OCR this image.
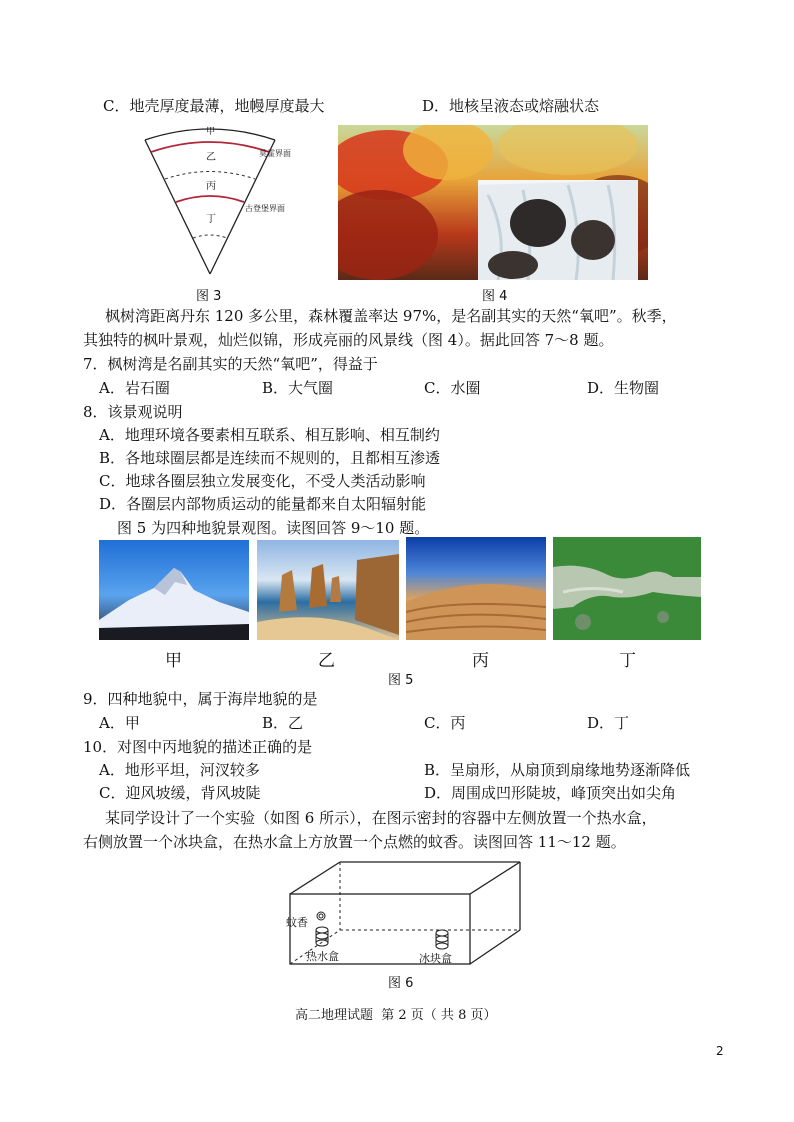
C．地壳厚度最薄，地幔厚度最大	D．地核呈液态或熔融状态
甲
乙
丙
丁
莫霍界面
古登堡界面
图 3	图 4
枫树湾距离丹东 120 多公里，森林覆盖率达 97%，是名副其实的天然“氧吧”。秋季，
其独特的枫叶景观，灿烂似锦，形成亮丽的风景线（图 4）。据此回答 7～8 题。
7．枫树湾是名副其实的天然“氧吧”，得益于
A．岩石圈	B．大气圈	C．水圈	D．生物圈
8．该景观说明
A．地理环境各要素相互联系、相互影响、相互制约
B．各地球圈层都是连续而不规则的，且都相互渗透
C．地球各圈层独立发展变化，不受人类活动影响
D．各圈层内部物质运动的能量都来自太阳辐射能
图 5 为四种地貌景观图。读图回答 9～10 题。
甲	乙	丙	丁
图 5
9．四种地貌中，属于海岸地貌的是
A．甲	B．乙	C．丙	D．丁
10．对图中丙地貌的描述正确的是
A．地形平坦，河汊较多	B．呈扇形，从扇顶到扇缘地势逐渐降低
C．迎风坡缓，背风坡陡	D．周围成凹形陡坡，峰顶突出如尖角
某同学设计了一个实验（如图 6 所示），在图示密封的容器中左侧放置一个热水盒，
右侧放置一个冰块盒，在热水盒上方放置一个点燃的蚊香。读图回答 11～12 题。
蚊香
热水盒	冰块盒
图 6
高二地理试题  第 2 页（ 共 8 页）
2
